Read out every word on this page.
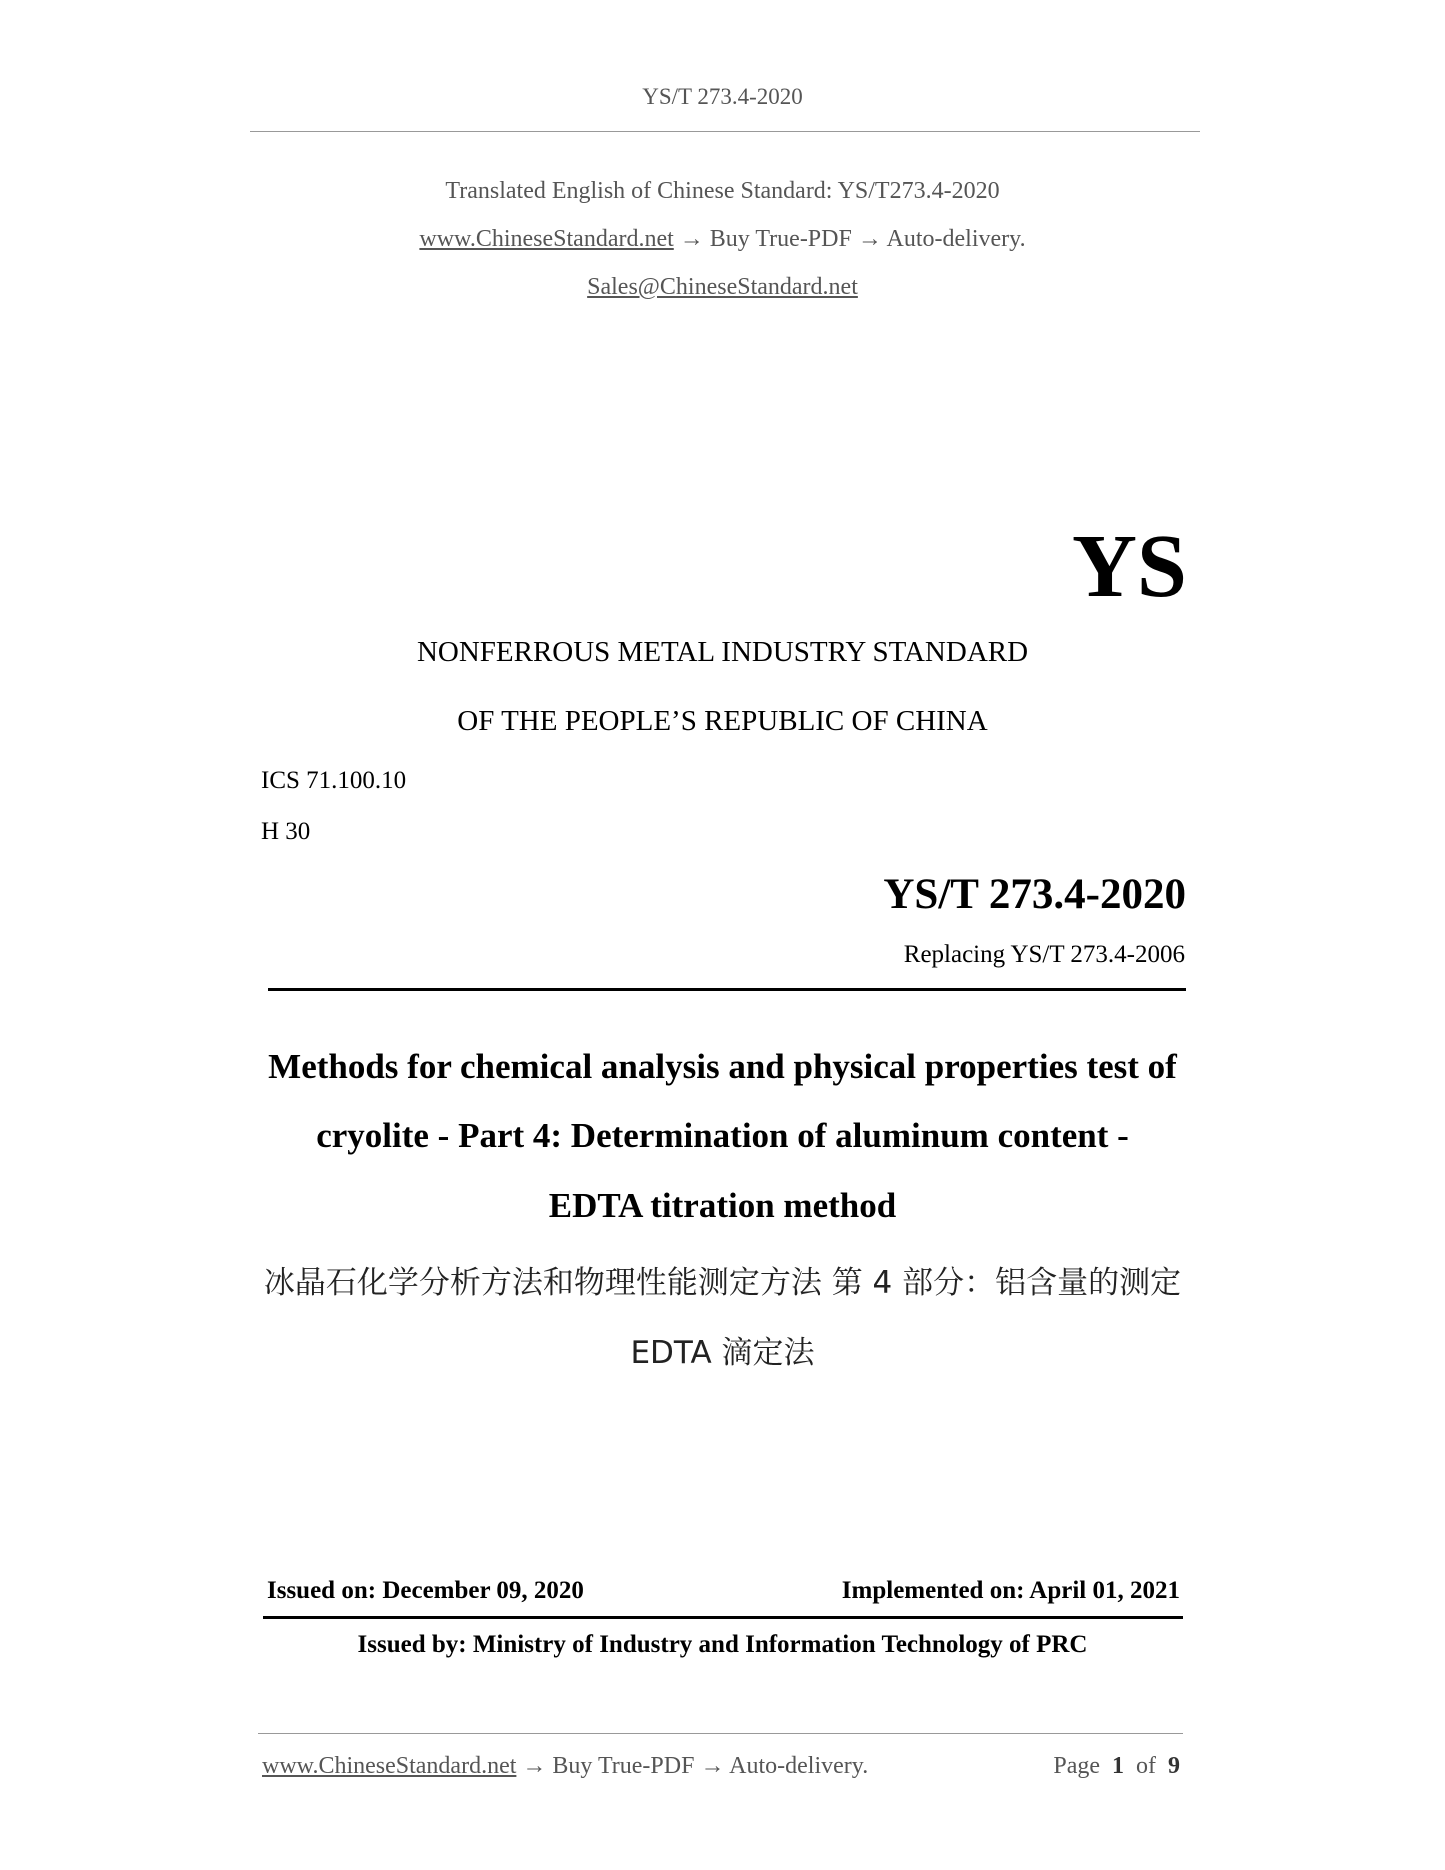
YS/T 273.4-2020
Translated English of Chinese Standard: YS/T273.4-2020
www.ChineseStandard.net → Buy True-PDF → Auto-delivery.
Sales@ChineseStandard.net
YS
NONFERROUS METAL INDUSTRY STANDARD
OF THE PEOPLE’S REPUBLIC OF CHINA
ICS 71.100.10
H 30
YS/T 273.4-2020
Replacing YS/T 273.4-2006
Methods for chemical analysis and physical properties test of
cryolite - Part 4: Determination of aluminum content -
EDTA titration method
冰晶石化学分析方法和物理性能测定方法 第 4 部分：铝含量的测定
EDTA 滴定法
Issued on: December 09, 2020	Implemented on: April 01, 2021
Issued by: Ministry of Industry and Information Technology of PRC
www.ChineseStandard.net → Buy True-PDF → Auto-delivery.	Page 1 of 9
